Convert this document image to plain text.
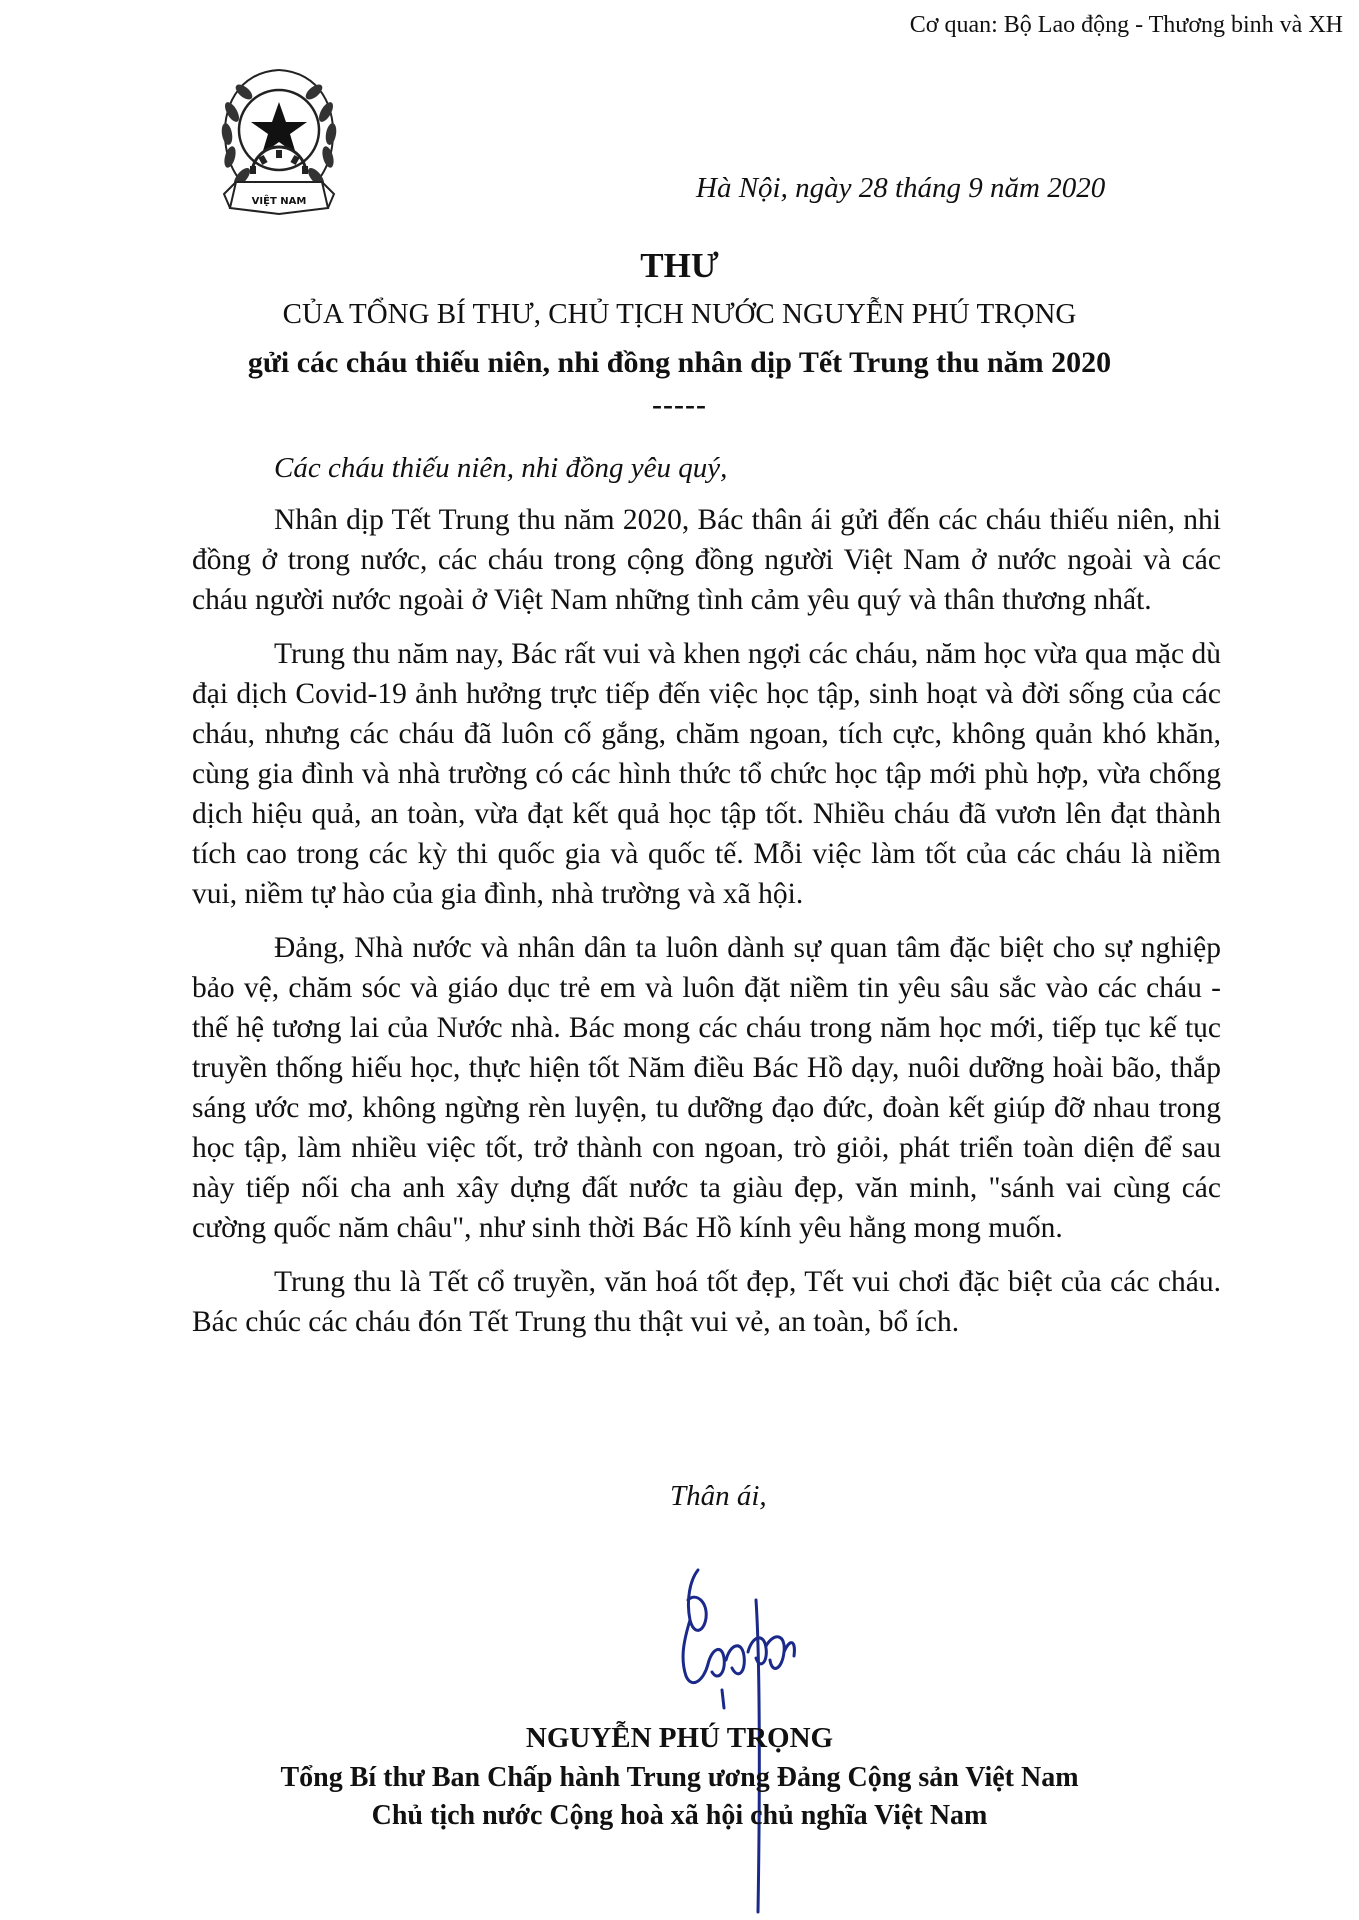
Cơ quan: Bộ Lao động - Thương binh và XH
VIỆT NAM	Hà Nội, ngày 28 tháng 9 năm 2020
THƯ
CỦA TỔNG BÍ THƯ, CHỦ TỊCH NƯỚC NGUYỄN PHÚ TRỌNG
gửi các cháu thiếu niên, nhi đồng nhân dịp Tết Trung thu năm 2020
-----
Các cháu thiếu niên, nhi đồng yêu quý,

Nhân dịp Tết Trung thu năm 2020, Bác thân ái gửi đến các cháu thiếu niên, nhi đồng ở trong nước, các cháu trong cộng đồng người Việt Nam ở nước ngoài và các cháu người nước ngoài ở Việt Nam những tình cảm yêu quý và thân thương nhất.

Trung thu năm nay, Bác rất vui và khen ngợi các cháu, năm học vừa qua mặc dù đại dịch Covid-19 ảnh hưởng trực tiếp đến việc học tập, sinh hoạt và đời sống của các cháu, nhưng các cháu đã luôn cố gắng, chăm ngoan, tích cực, không quản khó khăn, cùng gia đình và nhà trường có các hình thức tổ chức học tập mới phù hợp, vừa chống dịch hiệu quả, an toàn, vừa đạt kết quả học tập tốt. Nhiều cháu đã vươn lên đạt thành tích cao trong các kỳ thi quốc gia và quốc tế. Mỗi việc làm tốt của các cháu là niềm vui, niềm tự hào của gia đình, nhà trường và xã hội.

Đảng, Nhà nước và nhân dân ta luôn dành sự quan tâm đặc biệt cho sự nghiệp bảo vệ, chăm sóc và giáo dục trẻ em và luôn đặt niềm tin yêu sâu sắc vào các cháu - thế hệ tương lai của Nước nhà. Bác mong các cháu trong năm học mới, tiếp tục kế tục truyền thống hiếu học, thực hiện tốt Năm điều Bác Hồ dạy, nuôi dưỡng hoài bão, thắp sáng ước mơ, không ngừng rèn luyện, tu dưỡng đạo đức, đoàn kết giúp đỡ nhau trong học tập, làm nhiều việc tốt, trở thành con ngoan, trò giỏi, phát triển toàn diện để sau này tiếp nối cha anh xây dựng đất nước ta giàu đẹp, văn minh, "sánh vai cùng các cường quốc năm châu", như sinh thời Bác Hồ kính yêu hằng mong muốn.

Trung thu là Tết cổ truyền, văn hoá tốt đẹp, Tết vui chơi đặc biệt của các cháu. Bác chúc các cháu đón Tết Trung thu thật vui vẻ, an toàn, bổ ích.

Thân ái,
NGUYỄN PHÚ TRỌNG
Tổng Bí thư Ban Chấp hành Trung ương Đảng Cộng sản Việt Nam
Chủ tịch nước Cộng hoà xã hội chủ nghĩa Việt Nam
